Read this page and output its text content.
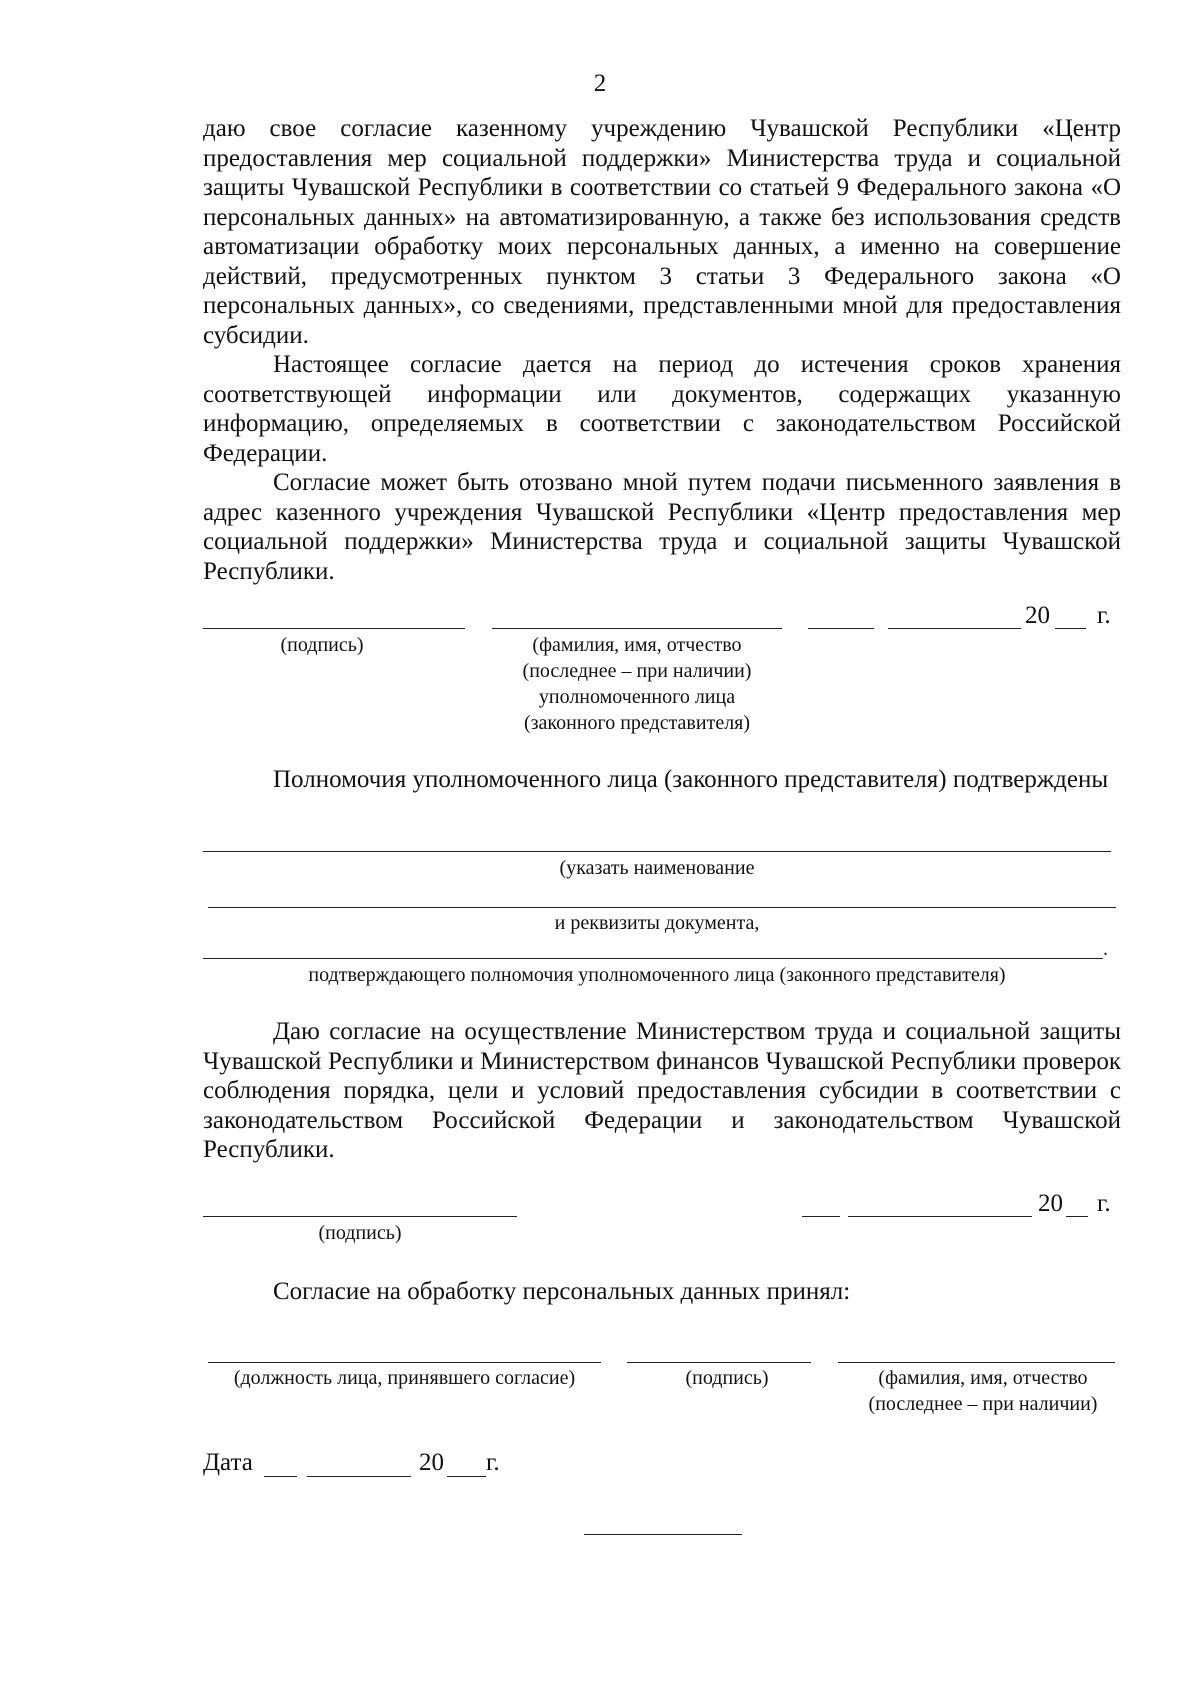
2

даю свое согласие казенному учреждению Чувашской Республики «Центр предоставления мер социальной поддержки» Министерства труда и социальной защиты Чувашской Республики в соответствии со статьей 9 Федерального закона «О персональных данных» на автоматизированную, а также без использования средств автоматизации обработку моих персональных данных, а именно на совершение действий, предусмотренных пунктом 3 статьи 3 Федерального закона «О персональных данных», со сведениями, представленными мной для предоставления субсидии.

Настоящее согласие дается на период до истечения сроков хранения соответствующей информации или документов, содержащих указанную информацию, определяемых в соответствии с законодательством Российской Федерации.

Согласие может быть отозвано мной путем подачи письменного заявления в адрес казенного учреждения Чувашской Республики «Центр предоставления мер социальной поддержки» Министерства труда и социальной защиты Чувашской Республики.

20 г.
(подпись)	(фамилия, имя, отчество
(последнее – при наличии)
уполномоченного лица
(законного представителя)

Полномочия уполномоченного лица (законного представителя) подтверждены

(указать наименование
и реквизиты документа,
.
подтверждающего полномочия уполномоченного лица (законного представителя)

Даю согласие на осуществление Министерством труда и социальной защиты Чувашской Республики и Министерством финансов Чувашской Республики проверок соблюдения порядка, цели и условий предоставления субсидии в соответствии с законодательством Российской Федерации и законодательством Чувашской Республики.

(подпись)
20 г.

Согласие на обработку персональных данных принял:

(должность лица, принявшего согласие)	(подпись)	(фамилия, имя, отчество
(последнее – при наличии)
Дата	20 г.
